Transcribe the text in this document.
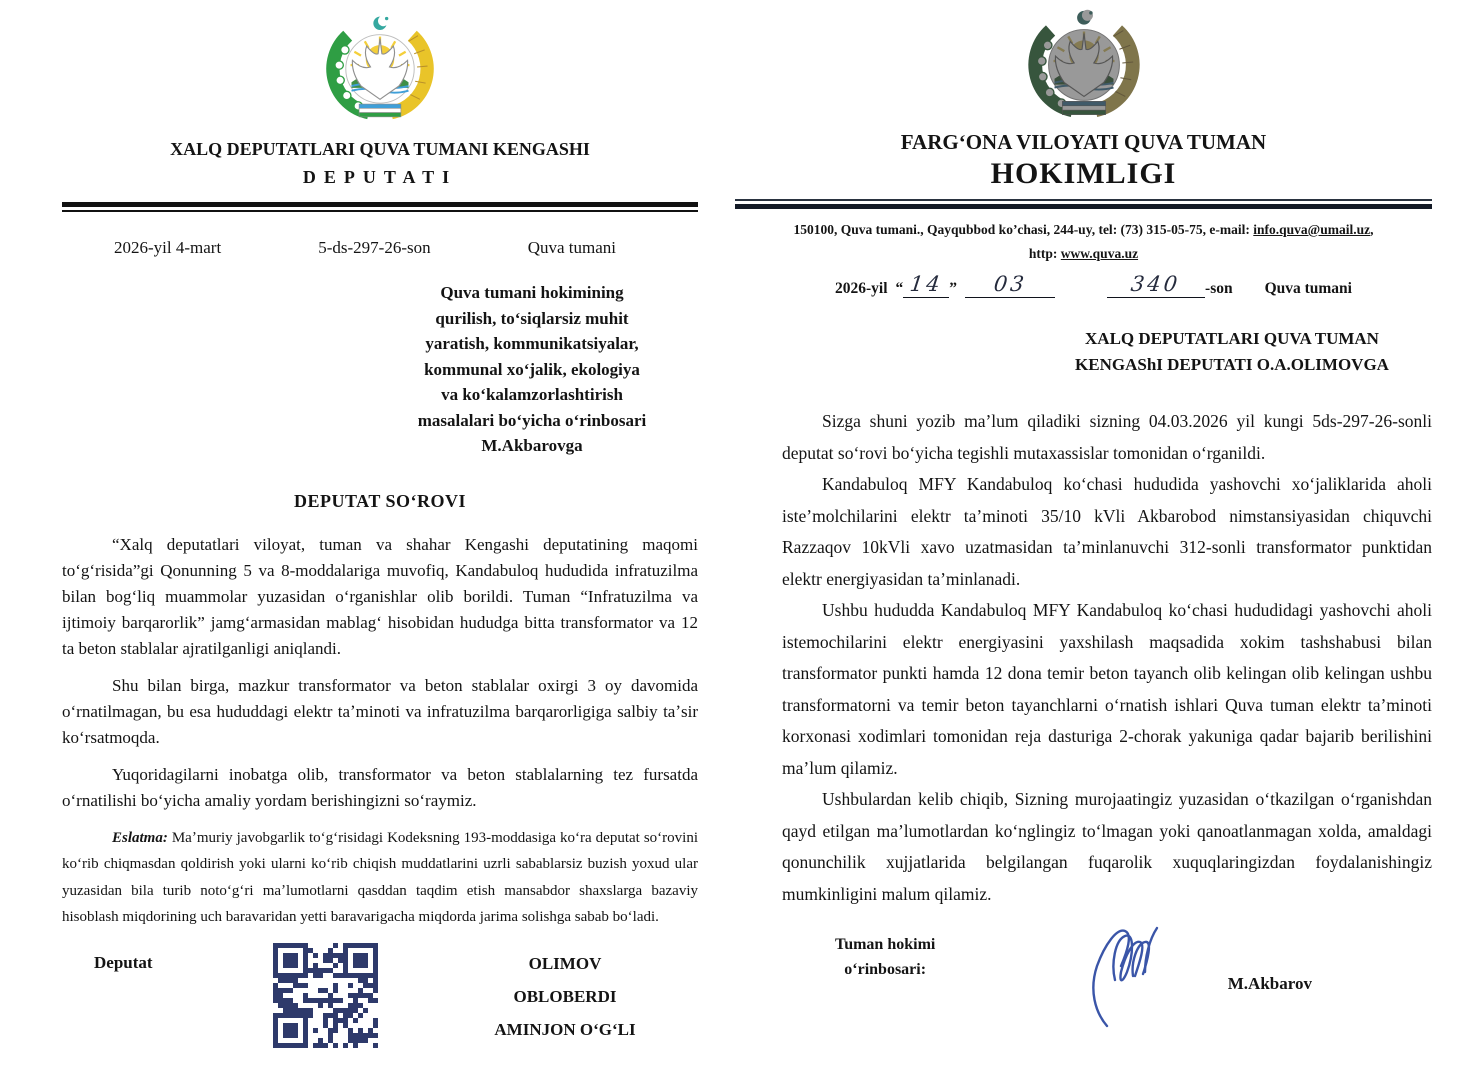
XALQ DEPUTATLARI QUVA TUMANI KENGASHI
DEPUTATI
2026-yil 4-mart	5-ds-297-26-son	Quva tumani
Quva tumani hokimining
qurilish, toʻsiqlarsiz muhit
yaratish, kommunikatsiyalar,
kommunal xoʻjalik, ekologiya
va koʻkalamzorlashtirish
masalalari boʻyicha oʻrinbosari
M.Akbarovga
DEPUTAT SOʻROVI

“Xalq deputatlari viloyat, tuman va shahar Kengashi deputatining maqomi toʻgʻrisida”gi Qonunning 5 va 8-moddalariga muvofiq, Kandabuloq hududida infratuzilma bilan bogʻliq muammolar yuzasidan oʻrganishlar olib borildi. Tuman “Infratuzilma va ijtimoiy barqarorlik” jamgʻarmasidan mablagʻ hisobidan hududga bitta transformator va 12 ta beton stablalar ajratilganligi aniqlandi.

Shu bilan birga, mazkur transformator va beton stablalar oxirgi 3 oy davomida oʻrnatilmagan, bu esa hududdagi elektr taʼminoti va infratuzilma barqarorligiga salbiy taʼsir koʻrsatmoqda.

Yuqoridagilarni inobatga olib, transformator va beton stablalarning tez fursatda oʻrnatilishi boʻyicha amaliy yordam berishingizni soʻraymiz.

Eslatma: Maʼmuriy javobgarlik toʻgʻrisidagi Kodeksning 193-moddasiga koʻra deputat soʻrovini koʻrib chiqmasdan qoldirish yoki ularni koʻrib chiqish muddatlarini uzrli sabablarsiz buzish yoxud ular yuzasidan bila turib notoʻgʻri maʼlumotlarni qasddan taqdim etish mansabdor shaxslarga bazaviy hisoblash miqdorining uch baravaridan yetti baravarigacha miqdorda jarima solishga sabab boʻladi.
Deputat	OLIMOV
OBLOBERDI
AMINJON OʻGʻLI
FARGʻONA VILOYATI QUVA TUMAN
HOKIMLIGI
150100, Quva tumani., Qayqubbod ko’chasi, 244-uy, tel: (73) 315-05-75, e-mail: info.quva@umail.uz,
http: www.quva.uz
2026-yil “ 14 ”	03	340	-son Quva tumani
XALQ DEPUTATLARI QUVA TUMAN
KENGAShI DEPUTATI O.A.OLIMOVGA

Sizga shuni yozib maʼlum qiladiki sizning 04.03.2026 yil kungi 5ds-297-26-sonli deputat soʻrovi boʻyicha tegishli mutaxassislar tomonidan oʻrganildi.

Kandabuloq MFY Kandabuloq koʻchasi hududida yashovchi xoʻjaliklarida aholi isteʼmolchilarini elektr taʼminoti 35/10 kVli Akbarobod nimstansiyasidan chiquvchi Razzaqov 10kVli xavo uzatmasidan taʼminlanuvchi 312-sonli transformator punktidan elektr energiyasidan taʼminlanadi.

Ushbu hududda Kandabuloq MFY Kandabuloq koʻchasi hududidagi yashovchi aholi istemochilarini elektr energiyasini yaxshilash maqsadida xokim tashshabusi bilan transformator punkti hamda 12 dona temir beton tayanch olib kelingan olib kelingan ushbu transformatorni va temir beton tayanchlarni oʻrnatish ishlari Quva tuman elektr taʼminoti korxonasi xodimlari tomonidan reja dasturiga 2-chorak yakuniga qadar bajarib berilishini maʼlum qilamiz.

Ushbulardan kelib chiqib, Sizning murojaatingiz yuzasidan oʻtkazilgan oʻrganishdan qayd etilgan maʼlumotlardan koʻnglingiz toʻlmagan yoki qanoatlanmagan xolda, amaldagi qonunchilik xujjatlarida belgilangan fuqarolik xuquqlaringizdan foydalanishingiz mumkinligini malum qilamiz.

Tuman hokimi
oʻrinbosari:
M.Akbarov
